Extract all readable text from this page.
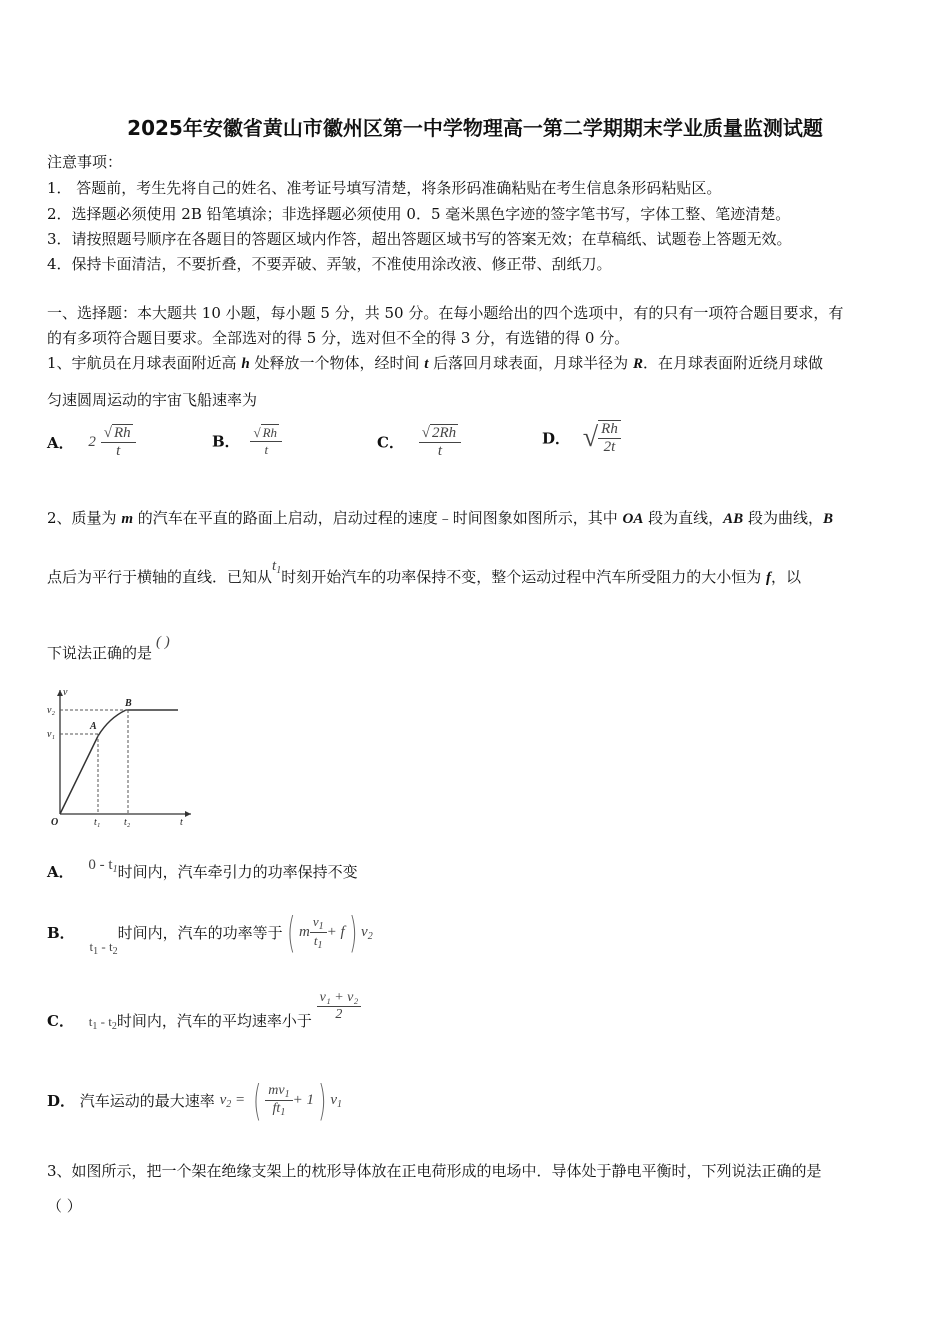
2025年安徽省黄山市徽州区第一中学物理高一第二学期期末学业质量监测试题
注意事项：
1． 答题前，考生先将自己的姓名、准考证号填写清楚，将条形码准确粘贴在考生信息条形码粘贴区。
2．选择题必须使用 2B 铅笔填涂；非选择题必须使用 0．5 毫米黑色字迹的签字笔书写，字体工整、笔迹清楚。
3．请按照题号顺序在各题目的答题区域内作答，超出答题区域书写的答案无效；在草稿纸、试题卷上答题无效。
4．保持卡面清洁，不要折叠，不要弄破、弄皱，不准使用涂改液、修正带、刮纸刀。
一、选择题：本大题共 10 小题，每小题 5 分，共 50 分。在每小题给出的四个选项中，有的只有一项符合题目要求，有
的有多项符合题目要求。全部选对的得 5 分，选对但不全的得 3 分，有选错的得 0 分。
1、宇航员在月球表面附近高 h 处释放一个物体，经时间 t 后落回月球表面，月球半径为 R．在月球表面附近绕月球做
匀速圆周运动的宇宙飞船速率为
A． $2 \frac{√ Rh}{t}$	B． $\frac{√ Rh}{t}$	C． $\frac{√ 2Rh}{t}$	D． √ $\frac{Rh}{2t}$
2、质量为 m 的汽车在平直的路面上启动，启动过程的速度﹣时间图象如图所示，其中 OA 段为直线，AB 段为曲线，B
点后为平行于横轴的直线．已知从$t_1$时刻开始汽车的功率保持不变，整个运动过程中汽车所受阻力的大小恒为 f，以
下说法正确的是( )
v
v₂
v₁
A
B
O	t₁ t₂	t
A． $0 - t_1$时间内，汽车牵引力的功率保持不变
B． $t_1 - t_2$时间内，汽车的功率等于( m $\frac{v_1}{t_1} + f$) $v_2$
C． $t_1 - t_2$时间内，汽车的平均速率小于 $\frac{\text{v₁ + v₂}}{2}$
D． 汽车运动的最大速率 $v_2$ = ( $\frac{mv_1}{ft_1} + 1$) $v_1$
3、如图所示，把一个架在绝缘支架上的枕形导体放在正电荷形成的电场中．导体处于静电平衡时，下列说法正确的是
（ ）
